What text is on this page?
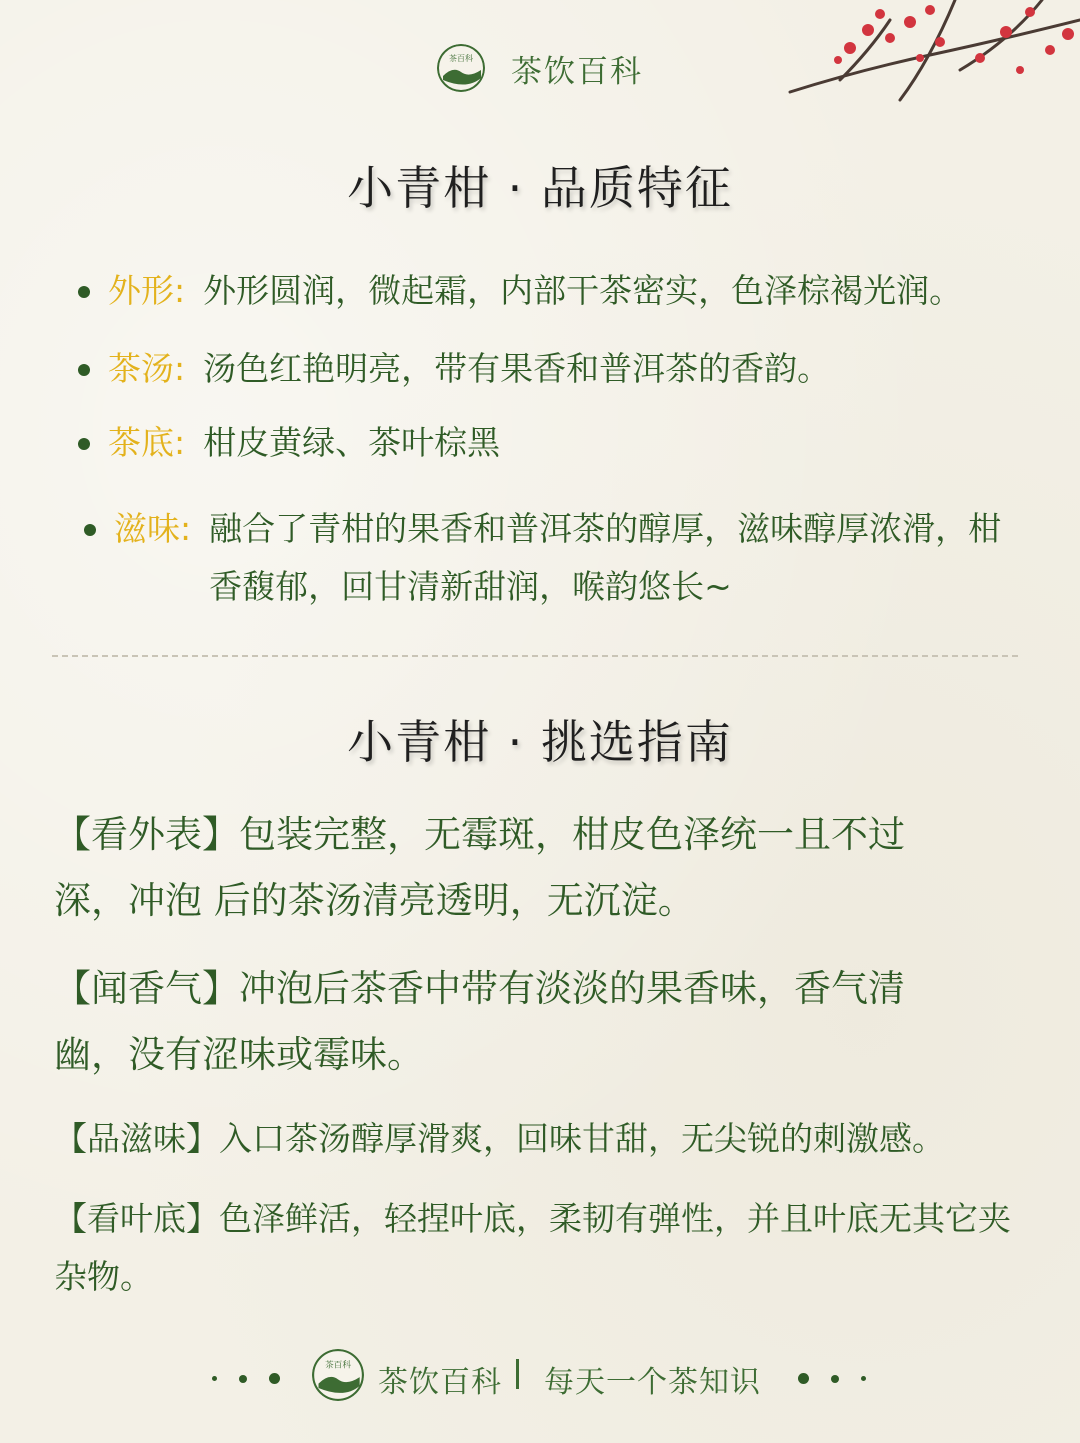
茶百科 茶饮百科
小青柑 · 品质特征
外形: 外形圆润，微起霜，内部干茶密实，色泽棕褐光润。
茶汤: 汤色红艳明亮，带有果香和普洱茶的香韵。
茶底: 柑皮黄绿、茶叶棕黑
滋味: 融合了青柑的果香和普洱茶的醇厚，滋味醇厚浓滑，柑香馥郁，回甘清新甜润，喉韵悠长~
小青柑 · 挑选指南
【看外表】包装完整，无霉斑，柑皮色泽统一且不过深，冲泡 后的茶汤清亮透明，无沉淀。
【闻香气】冲泡后茶香中带有淡淡的果香味，香气清幽，没有涩味或霉味。
【品滋味】入口茶汤醇厚滑爽，回味甘甜，无尖锐的刺激感。
【看叶底】色泽鲜活，轻捏叶底，柔韧有弹性，并且叶底无其它夹杂物。
茶百科 茶饮百科 每天一个茶知识
